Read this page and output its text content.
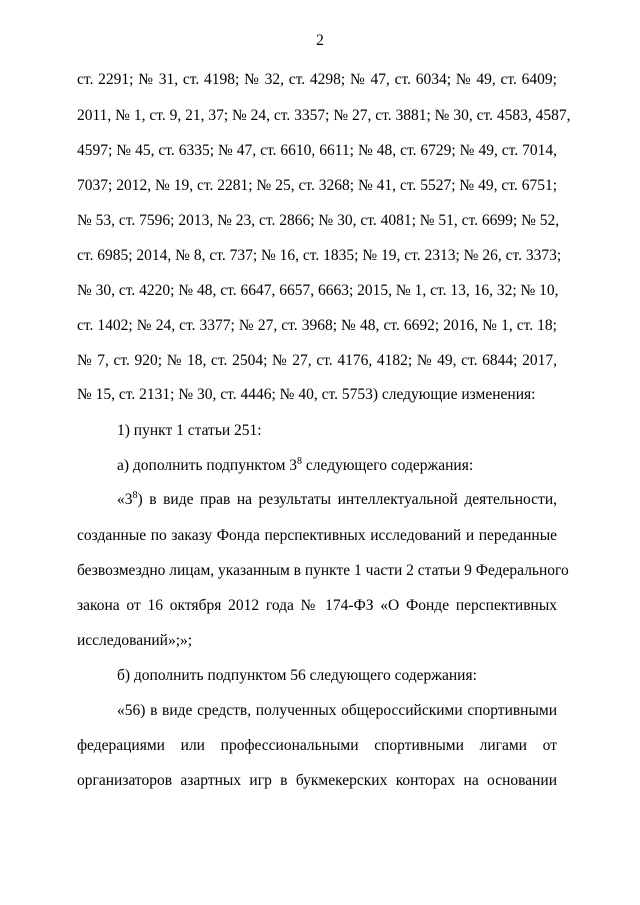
2
ст. 2291; № 31, ст. 4198; № 32, ст. 4298; № 47, ст. 6034; № 49, ст. 6409;
2011, № 1, ст. 9, 21, 37; № 24, ст. 3357; № 27, ст. 3881; № 30, ст. 4583, 4587,
4597; № 45, ст. 6335; № 47, ст. 6610, 6611; № 48, ст. 6729; № 49, ст. 7014,
7037; 2012, № 19, ст. 2281; № 25, ст. 3268; № 41, ст. 5527; № 49, ст. 6751;
№ 53, ст. 7596; 2013, № 23, ст. 2866; № 30, ст. 4081; № 51, ст. 6699; № 52,
ст. 6985; 2014, № 8, ст. 737; № 16, ст. 1835; № 19, ст. 2313; № 26, ст. 3373;
№ 30, ст. 4220; № 48, ст. 6647, 6657, 6663; 2015, № 1, ст. 13, 16, 32; № 10,
ст. 1402; № 24, ст. 3377; № 27, ст. 3968; № 48, ст. 6692; 2016, № 1, ст. 18;
№ 7, ст. 920; № 18, ст. 2504; № 27, ст. 4176, 4182; № 49, ст. 6844; 2017,
№ 15, ст. 2131; № 30, ст. 4446; № 40, ст. 5753) следующие изменения:
1) пункт 1 статьи 251:
а) дополнить подпунктом $3^8$ следующего содержания:
«$3^8$) в виде прав на результаты интеллектуальной деятельности,
созданные по заказу Фонда перспективных исследований и переданные
безвозмездно лицам, указанным в пункте 1 части 2 статьи 9 Федерального
закона от 16 октября 2012 года № 174-ФЗ «О Фонде перспективных
исследований»;»;
б) дополнить подпунктом 56 следующего содержания:
«56) в виде средств, полученных общероссийскими спортивными
федерациями или профессиональными спортивными лигами от
организаторов азартных игр в букмекерских конторах на основании
